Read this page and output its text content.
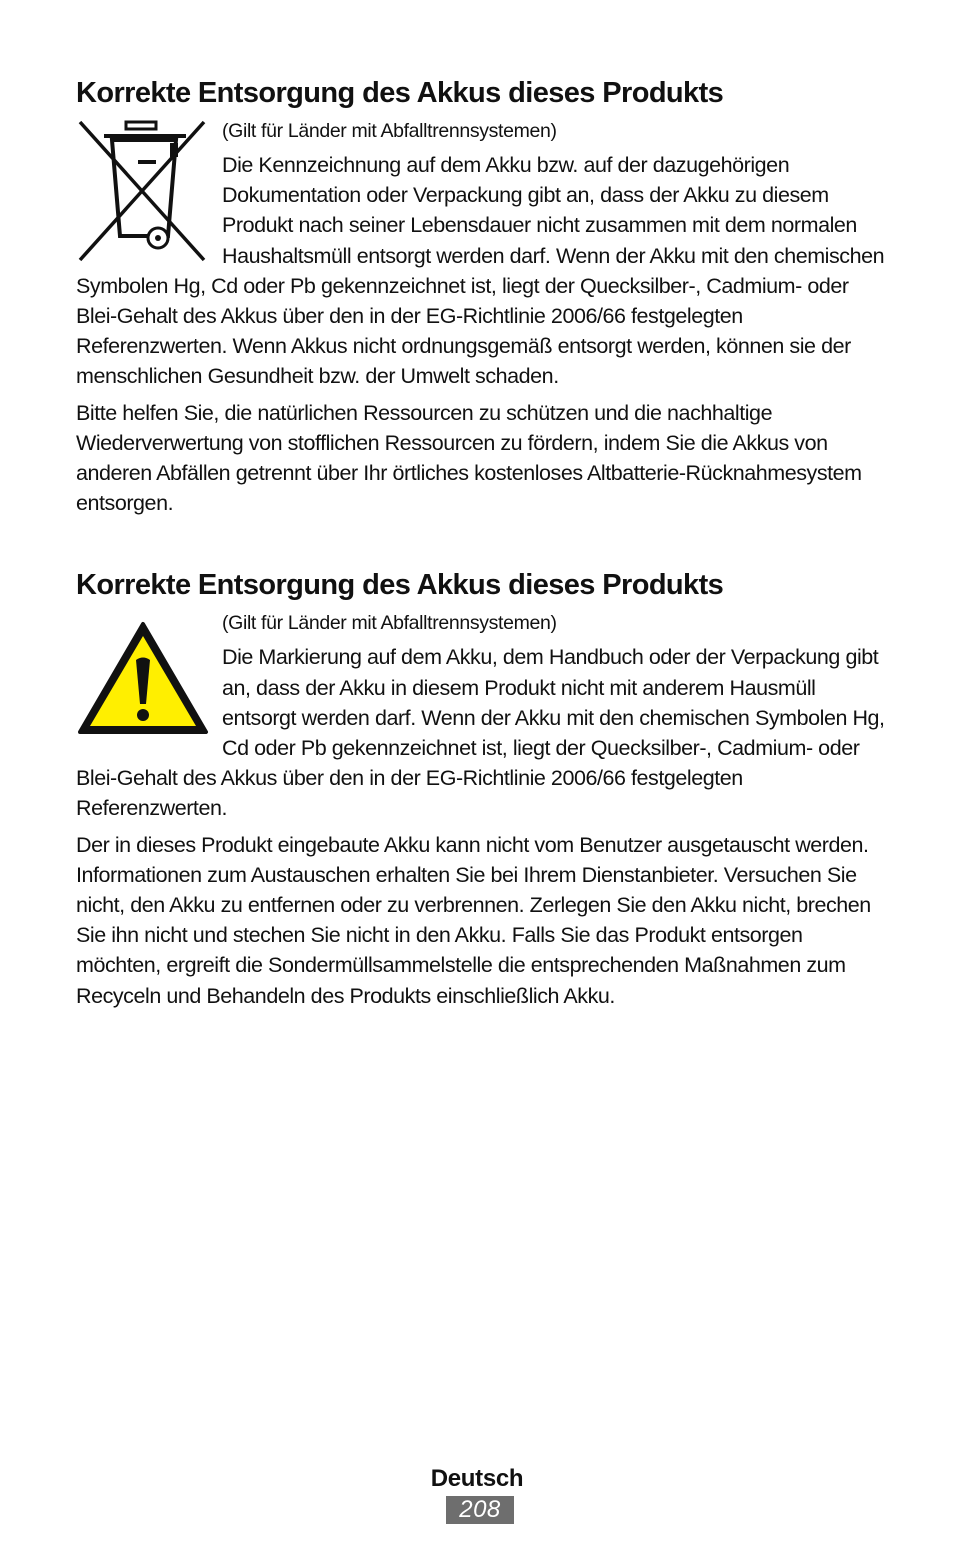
Korrekte Entsorgung des Akkus dieses Produkts
(Gilt für Länder mit Abfalltrennsystemen)

Die Kennzeichnung auf dem Akku bzw. auf der dazugehörigen Dokumentation oder Verpackung gibt an, dass der Akku zu diesem Produkt nach seiner Lebensdauer nicht zusammen mit dem normalen Haushaltsmüll entsorgt werden darf. Wenn der Akku mit den chemischen Symbolen Hg, Cd oder Pb gekennzeichnet ist, liegt der Quecksilber-, Cadmium- oder Blei-Gehalt des Akkus über den in der EG-Richtlinie 2006/66 festgelegten Referenzwerten. Wenn Akkus nicht ordnungsgemäß entsorgt werden, können sie der menschlichen Gesundheit bzw. der Umwelt schaden.

Bitte helfen Sie, die natürlichen Ressourcen zu schützen und die nachhaltige Wiederverwertung von stofflichen Ressourcen zu fördern, indem Sie die Akkus von anderen Abfällen getrennt über Ihr örtliches kostenloses Altbatterie-Rücknahmesystem entsorgen.

Korrekte Entsorgung des Akkus dieses Produkts
(Gilt für Länder mit Abfalltrennsystemen)

Die Markierung auf dem Akku, dem Handbuch oder der Verpackung gibt an, dass der Akku in diesem Produkt nicht mit anderem Hausmüll entsorgt werden darf. Wenn der Akku mit den chemischen Symbolen Hg, Cd oder Pb gekennzeichnet ist, liegt der Quecksilber-, Cadmium- oder Blei-Gehalt des Akkus über den in der EG-Richtlinie 2006/66 festgelegten Referenzwerten.

Der in dieses Produkt eingebaute Akku kann nicht vom Benutzer ausgetauscht werden. Informationen zum Austauschen erhalten Sie bei Ihrem Dienstanbieter. Versuchen Sie nicht, den Akku zu entfernen oder zu verbrennen. Zerlegen Sie den Akku nicht, brechen Sie ihn nicht und stechen Sie nicht in den Akku. Falls Sie das Produkt entsorgen möchten, ergreift die Sondermüllsammelstelle die entsprechenden Maßnahmen zum Recyceln und Behandeln des Produkts einschließlich Akku.

Deutsch
208
